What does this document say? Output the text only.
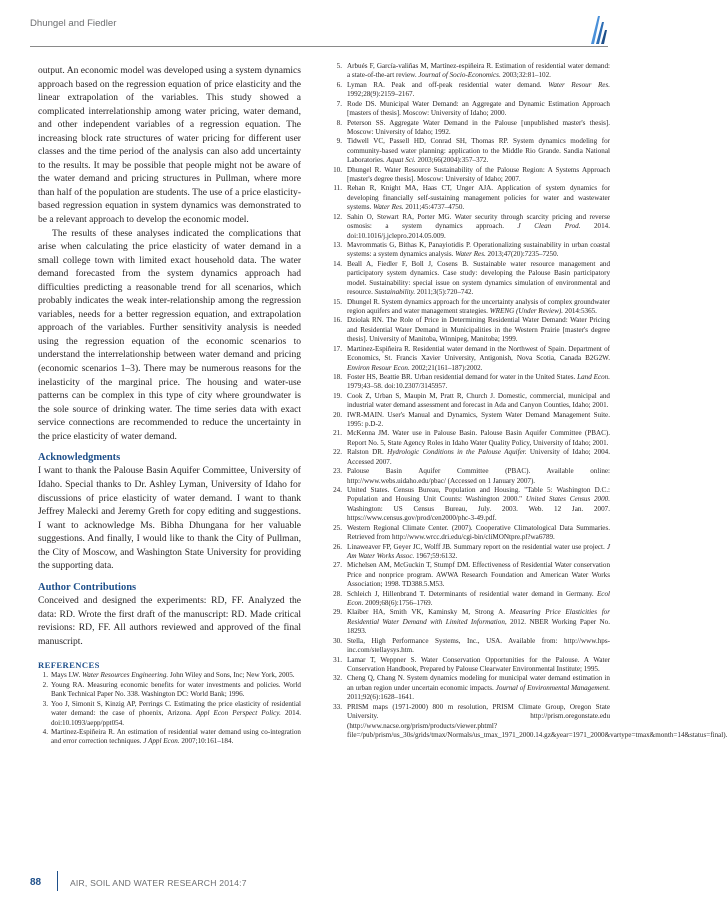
Dhungel and Fiedler

output. An economic model was developed using a system dynamics approach based on the regression equation of price elasticity and the linear extrapolation of the variables. This study showed a complicated interrelationship among water pricing, water demand, and other independent variables of a regression equation. The increasing block rate structures of water pricing for different user classes and the time period of the analysis can also add uncertainty to the results. It may be possible that people might not be aware of the water demand and pricing structures in Pullman, where more than half of the population are students. The use of a price elasticity-based regression equation in system dynamics was demonstrated to be a relevant approach to develop the economic model.

The results of these analyses indicated the complications that arise when calculating the price elasticity of water demand in a small college town with limited exact household data. The water demand forecasted from the system dynamics approach had difficulties predicting a reasonable trend for all scenarios, which probably indicates the weak inter-relationship among the regression variables, needs for a better regression equation, and extrapolation approach of the variables. Further sensitivity analysis is needed using the regression equation of the economic scenarios to understand the interrelationship between water demand and pricing (economic scenarios 1–3). There may be numerous reasons for the inelasticity of the marginal price. The housing and water-use patterns can be complex in this type of city where groundwater is the sole source of drinking water. The time series data with exact service connections are recommended to reduce the uncertainty in the price elasticity of water demand.

Acknowledgments

I want to thank the Palouse Basin Aquifer Committee, University of Idaho. Special thanks to Dr. Ashley Lyman, University of Idaho for discussions of price elasticity of water demand. I want to thank Jeffrey Malecki and Jeremy Greth for copy editing and suggestions. I want to acknowledge Ms. Bibha Dhungana for her valuable suggestions. And finally, I would like to thank the City of Pullman, the City of Moscow, and Washington State University for providing the supporting data.

Author Contributions

Conceived and designed the experiments: RD, FF. Analyzed the data: RD. Wrote the first draft of the manuscript: RD. Made critical revisions: RD, FF. All authors reviewed and approved of the final manuscript.

REFERENCES
1. Mays LW. Water Resources Engineering. John Wiley and Sons, Inc; New York, 2005.
2. Young RA. Measuring economic benefits for water investments and policies. World Bank Technical Paper No. 338. Washington DC: World Bank; 1996.
3. Yoo J, Simonit S, Kinzig AP, Perrings C. Estimating the price elasticity of residential water demand: the case of phoenix, Arizona. Appl Econ Perspect Policy. 2014. doi:10.1093/aepp/ppt054.
4. Martinez-Espiñeira R. An estimation of residential water demand using co-integration and error correction techniques. J Appl Econ. 2007;10:161–184.
5. Arbués F, García-valiñas M, Martínez-espiñeira R. Estimation of residential water demand: a state-of-the-art review. Journal of Socio-Economics. 2003;32:81–102.
6. Lyman RA. Peak and off-peak residential water demand. Water Resour Res. 1992;28(9):2159–2167.
7. Rode DS. Municipal Water Demand: an Aggregate and Dynamic Estimation Approach [masters of thesis]. Moscow: University of Idaho; 2000.
8. Peterson SS. Aggregate Water Demand in the Palouse [unpublished master's thesis]. Moscow: University of Idaho; 1992.
9. Tidwell VC, Passell HD, Conrad SH, Thomas RP. System dynamics modeling for community-based water planning: application to the Middle Rio Grande. Sandia National Laboratories. Aquat Sci. 2003;66(2004):357–372.
10. Dhungel R. Water Resource Sustainability of the Palouse Region: A Systems Approach [master's degree thesis]. Moscow: University of Idaho; 2007.
11. Rehan R, Knight MA, Haas CT, Unger AJA. Application of system dynamics for developing financially self-sustaining management policies for water and wastewater systems. Water Res. 2011;45:4737–4750.
12. Sahin O, Stewart RA, Porter MG. Water security through scarcity pricing and reverse osmosis: a system dynamics approach. J Clean Prod. 2014. doi:10.1016/j.jclepro.2014.05.009.
13. Mavrommatis G, Bithas K, Panayiotidis P. Operationalizing sustainability in urban coastal systems: a system dynamics analysis. Water Res. 2013;47(20):7235–7250.
14. Beall A, Fiedler F, Boll J, Cosens B. Sustainable water resource management and participatory system dynamics. Case study: developing the Palouse Basin participatory model. Sustainability: special issue on system dynamics simulation of environmental and resource. Sustainability. 2011;3(5):720–742.
15. Dhungel R. System dynamics approach for the uncertainty analysis of complex groundwater region aquifers and water management strategies. WRENG (Under Review). 2014:5365.
16. Dziolak RN. The Role of Price in Determining Residential Water Demand: Water Pricing and Residential Water Demand in Municipalities in the Western Prairie [master's degree thesis]. University of Manitoba, Winnipeg, Manitoba; 1999.
17. Martinez-Espiñeira R. Residential water demand in the Northwest of Spain. Department of Economics, St. Francis Xavier University, Antigonish, Nova Scotia, Canada B2G2W. Environ Resour Econ. 2002;21(161–187):2002.
18. Foster HS, Beattie BR. Urban residential demand for water in the United States. Land Econ. 1979;43–58. doi:10.2307/3145957.
19. Cook Z, Urban S, Maupin M, Pratt R, Church J. Domestic, commercial, municipal and industrial water demand assessment and forecast in Ada and Canyon Counties, Idaho; 2001.
20. IWR-MAIN. User's Manual and Dynamics, System Water Demand Management Suite. 1995: p.D-2.
21. McKenna JM. Water use in Palouse Basin. Palouse Basin Aquifer Committee (PBAC). Report No. 5, State Agency Roles in Idaho Water Quality Policy, University of Idaho; 2001.
22. Ralston DR. Hydrologic Conditions in the Palouse Aquifer. University of Idaho; 2004. Accessed 2007.
23. Palouse Basin Aquifer Committee (PBAC). Available online: http://www.webs.uidaho.edu/pbac/ (Accessed on 1 January 2007).
24. United States. Census Bureau, Population and Housing. "Table 5: Washington D.C.: Population and Housing Unit Counts: Washington 2000." United States Census 2000. Washington: US Census Bureau, July. 2003. Web. 12 Jan. 2007. https://www.census.gov/prod/cen2000/phc-3-49.pdf.
25. Western Regional Climate Center. (2007). Cooperative Climatological Data Summaries. Retrieved from http://www.wrcc.dri.edu/cgi-bin/cliMONtpre.pl?wa6789.
26. Linaweaver FP, Geyer JC, Wolff JB. Summary report on the residential water use project. J Am Water Works Assoc. 1967;59:6132.
27. Michelsen AM, McGuckin T, Stumpf DM. Effectiveness of Residential Water conservation Price and nonprice program. AWWA Research Foundation and American Water Works Association; 1998. TD388.5.M53.
28. Schleich J, Hillenbrand T. Determinants of residential water demand in Germany. Ecol Econ. 2009;68(6):1756–1769.
29. Klaiber HA, Smith VK, Kaminsky M, Strong A. Measuring Price Elasticities for Residential Water Demand with Limited Information, 2012. NBER Working Paper No. 18293.
30. Stella, High Performance Systems, Inc., USA. Available from: http://www.hps-inc.com/stellaysys.htm.
31. Lamar T, Weppner S. Water Conservation Opportunities for the Palouse. A Water Conservation Handbook, Prepared by Palouse Clearwater Environmental Institute; 1995.
32. Cheng Q, Chang N. System dynamics modeling for municipal water demand estimation in an urban region under uncertain economic impacts. Journal of Environmental Management. 2011;92(6):1628–1641.
33. PRISM maps (1971-2000) 800 m resolution, PRISM Climate Group, Oregon State University. http://prism.oregonstate.edu (http://www.nacse.org/prism/products/viewer.phtml?file=/pub/prism/us_30s/grids/tmax/Normals/us_tmax_1971_2000.14.gz&year=1971_2000&vartype=tmax&month=14&status=final).
88	AIR, SOIL AND WATER RESEARCH 2014:7
